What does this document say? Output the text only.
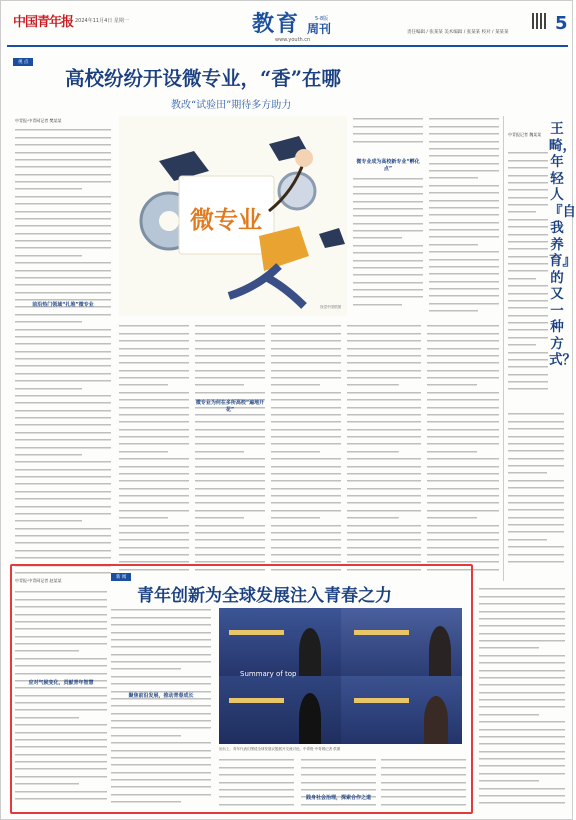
中国青年报 2024年11月4日 星期一	教育	5-8版
周刊
www.youth.cn
责任编辑 / 张某某 美术编辑 / 张某某 校对 / 某某某	5
视 点
高校纷纷开设微专业，“香”在哪
教改“试验田”期待多方助力
中青报·中青网记者 樊某某
前沿热门领域“扎堆”微专业
微专业
视觉中国供图
微专业成为高校新专业“孵化点”
微专业为何在多所高校“遍地开花”
中青报记者 魏某某 王畸，年轻人『自我养育』的又一种方式？
中青报·中青网记者 赵某某
新 闻
青年创新为全球发展注入青春之力
应对气候变化，贡献青年智慧
聚焦前沿发展，推动青春成长
Summary of top
论坛上，青年代表们围绕全球发展议题展开交流讨论。中青报·中青网记者 供图
践身社会治理，探索合作之道
